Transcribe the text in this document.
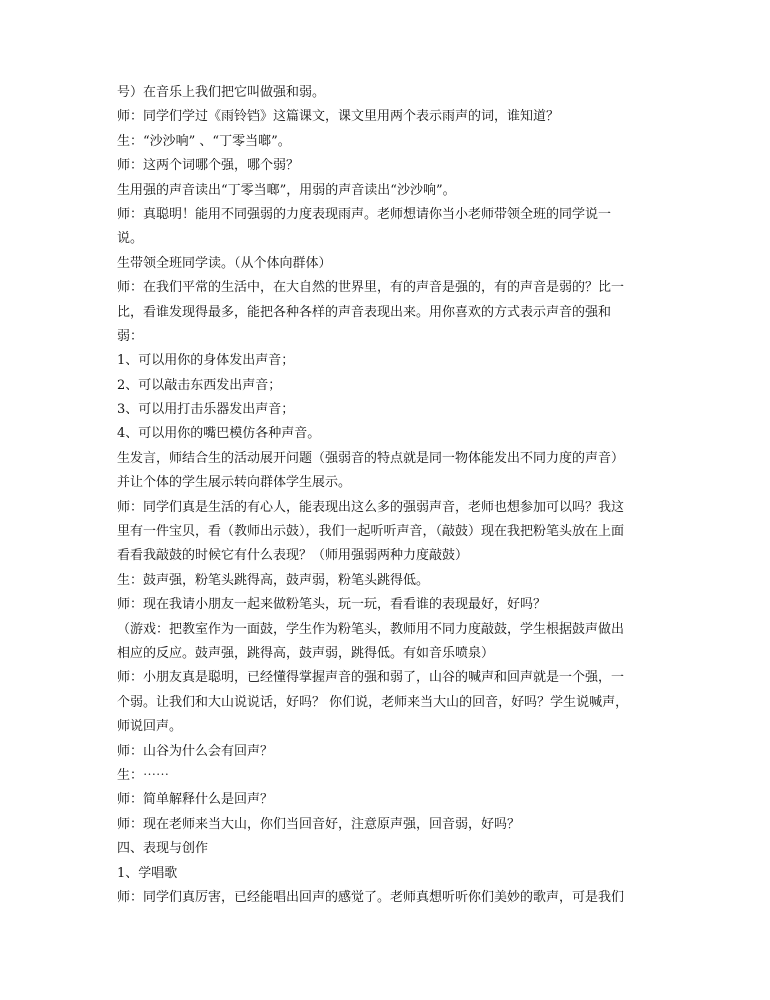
号）在音乐上我们把它叫做强和弱。
师：同学们学过《雨铃铛》这篇课文，课文里用两个表示雨声的词，谁知道？
生：“沙沙响” 、“丁零当啷”。
师：这两个词哪个强，哪个弱？
生用强的声音读出“丁零当啷”，用弱的声音读出“沙沙响”。
师：真聪明！能用不同强弱的力度表现雨声。老师想请你当小老师带领全班的同学说一
说。
生带领全班同学读。（从个体向群体）
师：在我们平常的生活中，在大自然的世界里，有的声音是强的，有的声音是弱的？比一
比，看谁发现得最多，能把各种各样的声音表现出来。用你喜欢的方式表示声音的强和
弱：
1、可以用你的身体发出声音；
2、可以敲击东西发出声音；
3、可以用打击乐器发出声音；
4、可以用你的嘴巴模仿各种声音。
生发言，师结合生的活动展开问题（强弱音的特点就是同一物体能发出不同力度的声音）
并让个体的学生展示转向群体学生展示。
师：同学们真是生活的有心人，能表现出这么多的强弱声音，老师也想参加可以吗？我这
里有一件宝贝，看（教师出示鼓），我们一起听听声音，（敲鼓）现在我把粉笔头放在上面
看看我敲鼓的时候它有什么表现？（师用强弱两种力度敲鼓）
生：鼓声强，粉笔头跳得高，鼓声弱，粉笔头跳得低。
师：现在我请小朋友一起来做粉笔头，玩一玩，看看谁的表现最好，好吗？
（游戏：把教室作为一面鼓，学生作为粉笔头，教师用不同力度敲鼓，学生根据鼓声做出
相应的反应。鼓声强，跳得高，鼓声弱，跳得低。有如音乐喷泉）
师：小朋友真是聪明，已经懂得掌握声音的强和弱了，山谷的喊声和回声就是一个强，一
个弱。让我们和大山说说话，好吗？ 你们说，老师来当大山的回音，好吗？学生说喊声，
师说回声。
师：山谷为什么会有回声？
生：⋯⋯
师：简单解释什么是回声？
师：现在老师来当大山，你们当回音好，注意原声强，回音弱，好吗？
四、表现与创作
1、学唱歌
师：同学们真厉害，已经能唱出回声的感觉了。老师真想听听你们美妙的歌声，可是我们
